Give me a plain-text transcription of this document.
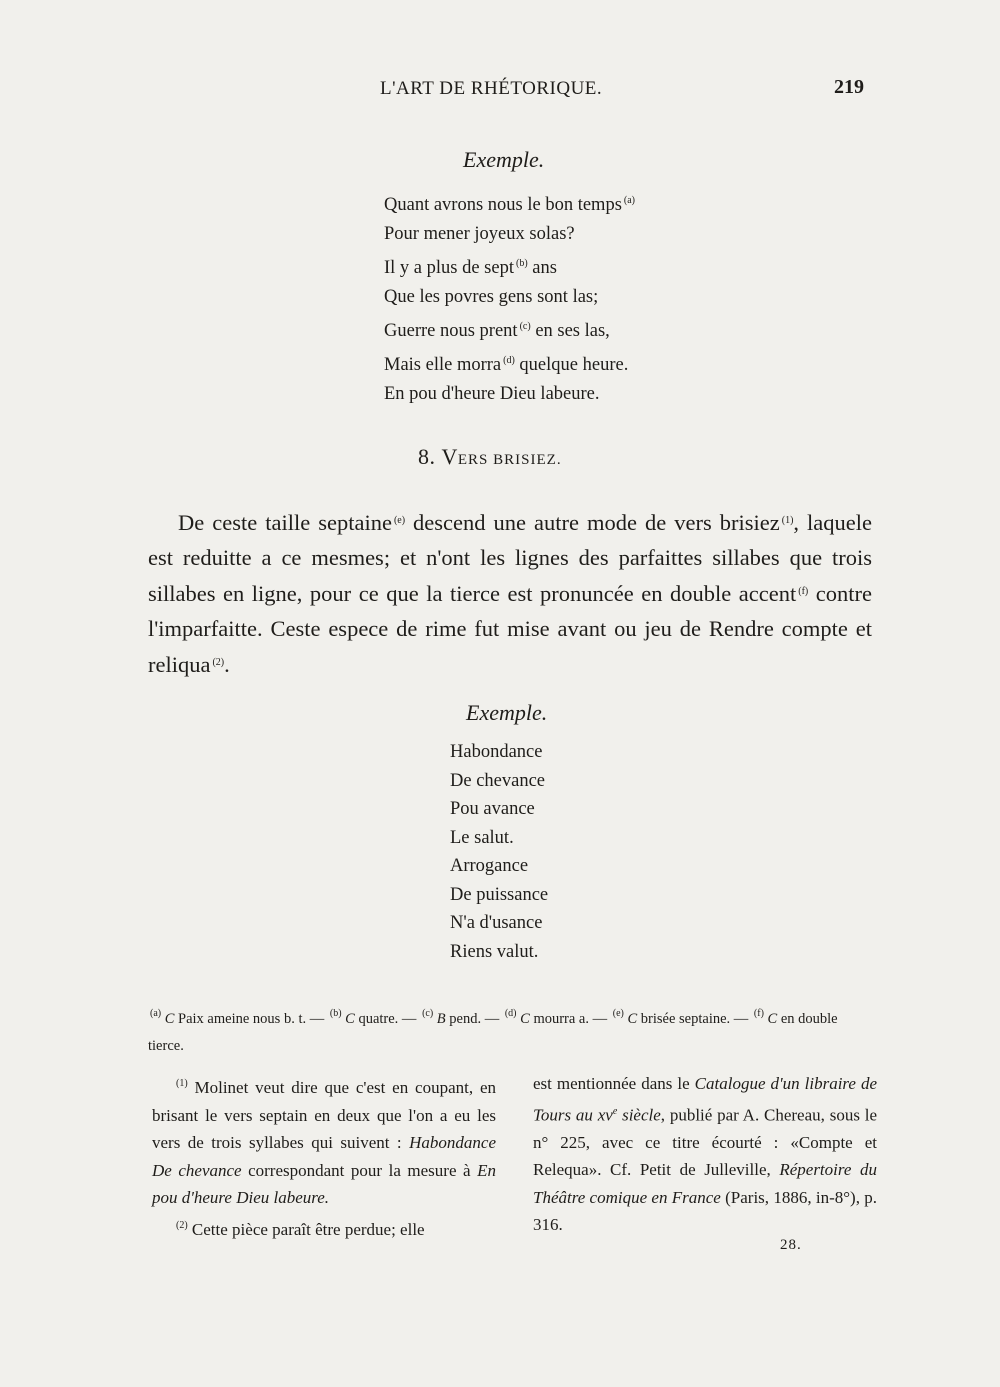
L'ART DE RHÉTORIQUE.	219
Exemple.
Quant avrons nous le bon temps $^{(a)}$
Pour mener joyeux solas?
Il y a plus de sept $^{(b)}$ ans
Que les povres gens sont las;
Guerre nous prent $^{(c)}$ en ses las,
Mais elle morra $^{(d)}$ quelque heure.
En pou d'heure Dieu labeure.
8. VERS BRISIEZ.

De ceste taille septaine $^{(e)}$ descend une autre mode de vers brisiez $^{(1)}$, laquele est reduitte a ce mesmes; et n'ont les lignes des parfaittes sillabes que trois sillabes en ligne, pour ce que la tierce est pronuncée en double accent $^{(f)}$ contre l'imparfaitte. Ceste espece de rime fut mise avant ou jeu de Rendre compte et reliqua $^{(2)}$.

Exemple.
Habondance
De chevance
Pou avance
Le salut.
Arrogance
De puissance
N'a d'usance
Riens valut.

$^{(a)}$ C Paix ameine nous b. t. — $^{(b)}$ C quatre. — $^{(c)}$ B pend. — $^{(d)}$ C mourra a. — $^{(e)}$ C brisée septaine. — $^{(f)}$ C en double tierce.

$^{(1)}$ Molinet veut dire que c'est en coupant, en brisant le vers septain en deux que l'on a eu les vers de trois syllabes qui suivent : Habondance De chevance correspondant pour la mesure à En pou d'heure Dieu labeure.

$^{(2)}$ Cette pièce paraît être perdue; elle

est mentionnée dans le Catalogue d'un libraire de Tours au $xv^e$ siècle, publié par A. Chereau, sous le n° 225, avec ce titre écourté : «Compte et Relequa». Cf. Petit de Julleville, Répertoire du Théâtre comique en France (Paris, 1886, in-8°), p. 316.

28.
